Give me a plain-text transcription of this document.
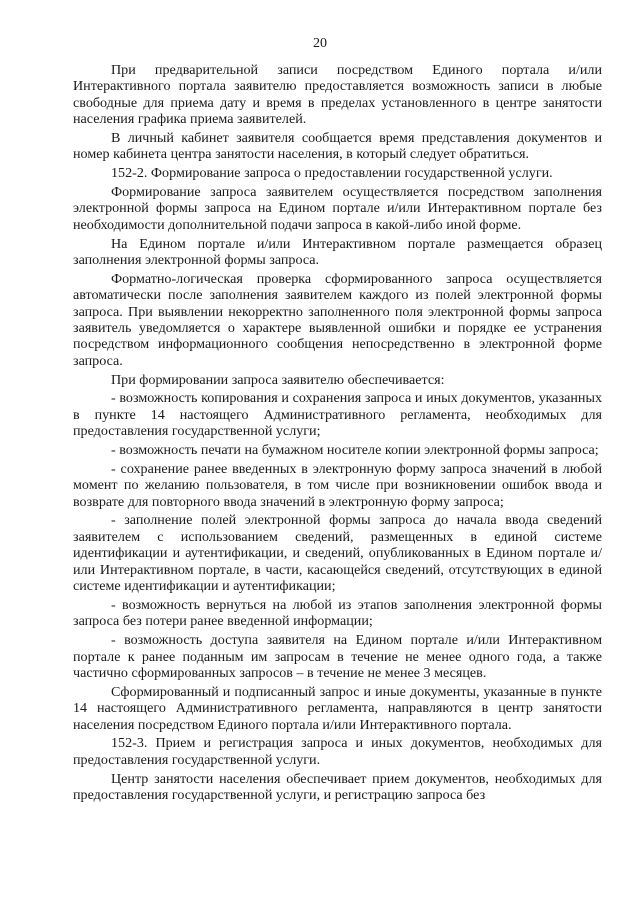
20

При предварительной записи посредством Единого портала и/или Интерактивного портала заявителю предоставляется возможность записи в любые свободные для приема дату и время в пределах установленного в центре занятости населения графика приема заявителей.

В личный кабинет заявителя сообщается время представления документов и номер кабинета центра занятости населения, в который следует обратиться.

152-2. Формирование запроса о предоставлении государственной услуги.

Формирование запроса заявителем осуществляется посредством заполнения электронной формы запроса на Едином портале и/или Интерактивном портале без необходимости дополнительной подачи запроса в какой-либо иной форме.

На Едином портале и/или Интерактивном портале размещается образец заполнения электронной формы запроса.

Форматно-логическая проверка сформированного запроса осуществляется автоматически после заполнения заявителем каждого из полей электронной формы запроса. При выявлении некорректно заполненного поля электронной формы запроса заявитель уведомляется о характере выявленной ошибки и порядке ее устранения посредством информационного сообщения непосредственно в электронной форме запроса.

При формировании запроса заявителю обеспечивается:

- возможность копирования и сохранения запроса и иных документов, указанных в пункте 14 настоящего Административного регламента, необходимых для предоставления государственной услуги;

- возможность печати на бумажном носителе копии электронной формы запроса;

- сохранение ранее введенных в электронную форму запроса значений в любой момент по желанию пользователя, в том числе при возникновении ошибок ввода и возврате для повторного ввода значений в электронную форму запроса;

- заполнение полей электронной формы запроса до начала ввода сведений заявителем с использованием сведений, размещенных в единой системе идентификации и аутентификации, и сведений, опубликованных в Едином портале и/или Интерактивном портале, в части, касающейся сведений, отсутствующих в единой системе идентификации и аутентификации;

- возможность вернуться на любой из этапов заполнения электронной формы запроса без потери ранее введенной информации;

- возможность доступа заявителя на Едином портале и/или Интерактивном портале к ранее поданным им запросам в течение не менее одного года, а также частично сформированных запросов – в течение не менее 3 месяцев.

Сформированный и подписанный запрос и иные документы, указанные в пункте 14 настоящего Административного регламента, направляются в центр занятости населения посредством Единого портала и/или Интерактивного портала.

152-3. Прием и регистрация запроса и иных документов, необходимых для предоставления государственной услуги.

Центр занятости населения обеспечивает прием документов, необходимых для предоставления государственной услуги, и регистрацию запроса без
